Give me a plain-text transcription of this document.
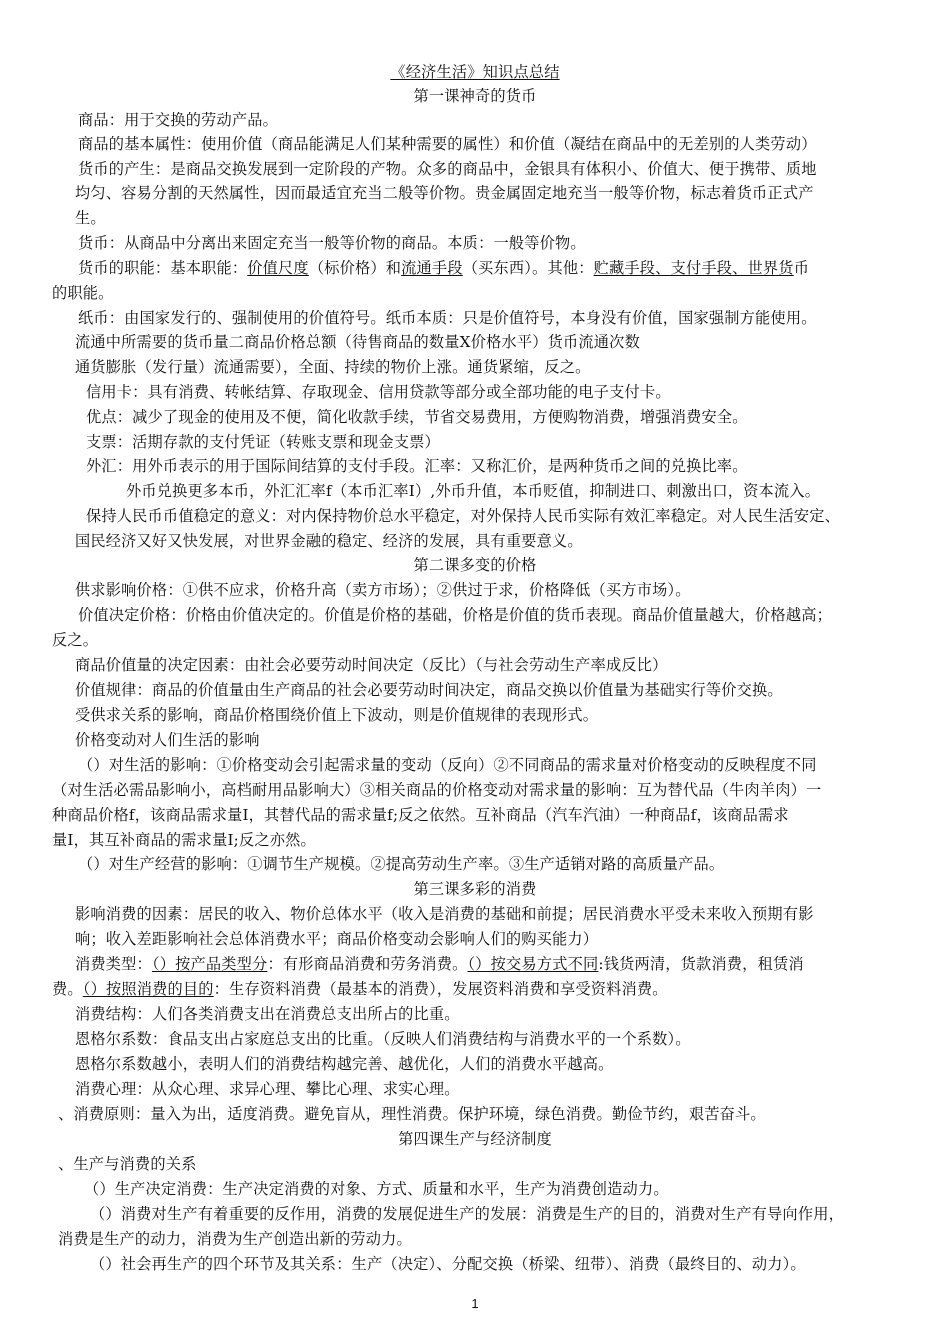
《经济生活》知识点总结
第一课神奇的货币
商品：用于交换的劳动产品。
商品的基本属性：使用价值（商品能满足人们某种需要的属性）和价值（凝结在商品中的无差别的人类劳动）
货币的产生：是商品交换发展到一定阶段的产物。众多的商品中，金银具有体积小、价值大、便于携带、质地
均匀、容易分割的天然属性，因而最适宜充当二般等价物。贵金属固定地充当一般等价物，标志着货币正式产
生。
货币：从商品中分离出来固定充当一般等价物的商品。本质：一般等价物。
货币的职能：基本职能：价值尺度（标价格）和流通手段（买东西）。其他：贮藏手段、支付手段、世界货币
的职能。
纸币：由国家发行的、强制使用的价值符号。纸币本质：只是价值符号，本身没有价值，国家强制方能使用。
流通中所需要的货币量二商品价格总额（待售商品的数量X价格水平）货币流通次数
通货膨胀（发行量）流通需要），全面、持续的物价上涨。通货紧缩，反之。
信用卡：具有消费、转帐结算、存取现金、信用贷款等部分或全部功能的电子支付卡。
优点：减少了现金的使用及不便，简化收款手续，节省交易费用，方便购物消费，增强消费安全。
支票：活期存款的支付凭证（转账支票和现金支票）
外汇：用外币表示的用于国际间结算的支付手段。汇率：又称汇价，是两种货币之间的兑换比率。
外币兑换更多本币，外汇汇率f（本币汇率I）,外币升值，本币贬值，抑制进口、刺激出口，资本流入。
保持人民币币值稳定的意义：对内保持物价总水平稳定，对外保持人民币实际有效汇率稳定。对人民生活安定、
国民经济又好又快发展，对世界金融的稳定、经济的发展，具有重要意义。
第二课多变的价格
供求影响价格：①供不应求，价格升高（卖方市场）；②供过于求，价格降低（买方市场）。
价值决定价格：价格由价值决定的。价值是价格的基础，价格是价值的货币表现。商品价值量越大，价格越高；
反之。
商品价值量的决定因素：由社会必要劳动时间决定（反比）（与社会劳动生产率成反比）
价值规律：商品的价值量由生产商品的社会必要劳动时间决定，商品交换以价值量为基础实行等价交换。
受供求关系的影响，商品价格围绕价值上下波动，则是价值规律的表现形式。
价格变动对人们生活的影响
（）对生活的影响：①价格变动会引起需求量的变动（反向）②不同商品的需求量对价格变动的反映程度不同
（对生活必需品影响小，高档耐用品影响大）③相关商品的价格变动对需求量的影响：互为替代品（牛肉羊肉）一
种商品价格f，该商品需求量I，其替代品的需求量f;反之依然。互补商品（汽车汽油）一种商品f，该商品需求
量I，其互补商品的需求量I;反之亦然。
（）对生产经营的影响：①调节生产规模。②提高劳动生产率。③生产适销对路的高质量产品。
第三课多彩的消费
影响消费的因素：居民的收入、物价总体水平（收入是消费的基础和前提；居民消费水平受未来收入预期有影
响；收入差距影响社会总体消费水平；商品价格变动会影响人们的购买能力）
消费类型：（）按产品类型分：有形商品消费和劳务消费。（）按交易方式不同:钱货两清，货款消费，租赁消
费。（）按照消费的目的：生存资料消费（最基本的消费），发展资料消费和享受资料消费。
消费结构：人们各类消费支出在消费总支出所占的比重。
恩格尔系数：食品支出占家庭总支出的比重。（反映人们消费结构与消费水平的一个系数）。
恩格尔系数越小，表明人们的消费结构越完善、越优化，人们的消费水平越高。
消费心理：从众心理、求异心理、攀比心理、求实心理。
、消费原则：量入为出，适度消费。避免盲从，理性消费。保护环境，绿色消费。勤俭节约，艰苦奋斗。
第四课生产与经济制度
、生产与消费的关系
（）生产决定消费：生产决定消费的对象、方式、质量和水平，生产为消费创造动力。
（）消费对生产有着重要的反作用，消费的发展促进生产的发展：消费是生产的目的，消费对生产有导向作用，
消费是生产的动力，消费为生产创造出新的劳动力。
（）社会再生产的四个环节及其关系：生产（决定）、分配交换（桥梁、纽带）、消费（最终目的、动力）。
1
